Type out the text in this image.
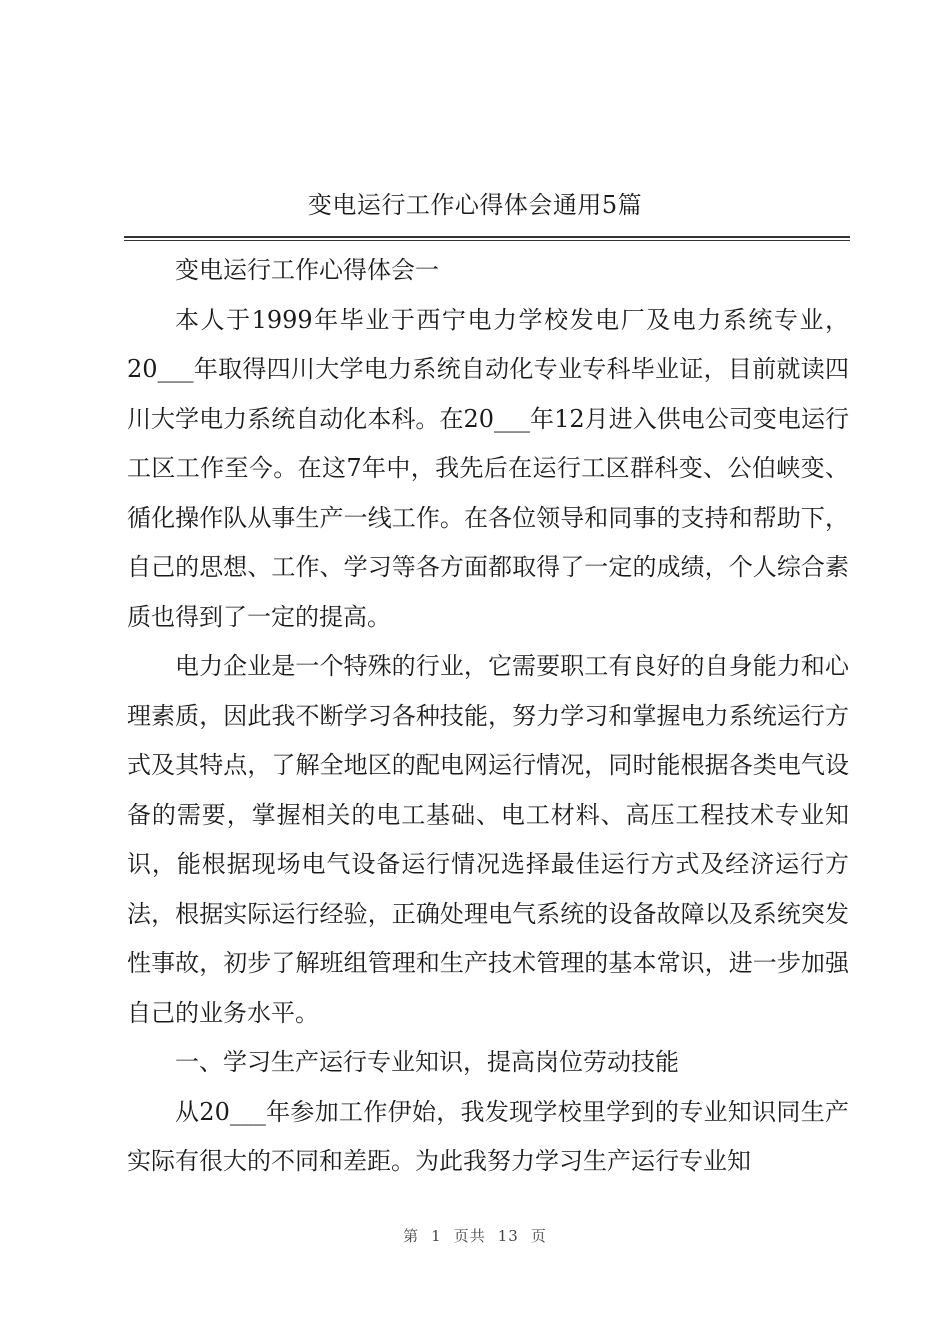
变电运行工作心得体会通用5篇

变电运行工作心得体会一

本人于1999年毕业于西宁电力学校发电厂及电力系统专业，20___年取得四川大学电力系统自动化专业专科毕业证，目前就读四川大学电力系统自动化本科。在20___年12月进入供电公司变电运行工区工作至今。在这7年中，我先后在运行工区群科变、公伯峡变、循化操作队从事生产一线工作。在各位领导和同事的支持和帮助下，自己的思想、工作、学习等各方面都取得了一定的成绩，个人综合素质也得到了一定的提高。

电力企业是一个特殊的行业，它需要职工有良好的自身能力和心理素质，因此我不断学习各种技能，努力学习和掌握电力系统运行方式及其特点，了解全地区的配电网运行情况，同时能根据各类电气设备的需要，掌握相关的电工基础、电工材料、高压工程技术专业知识，能根据现场电气设备运行情况选择最佳运行方式及经济运行方法，根据实际运行经验，正确处理电气系统的设备故障以及系统突发性事故，初步了解班组管理和生产技术管理的基本常识，进一步加强自己的业务水平。

一、学习生产运行专业知识，提高岗位劳动技能

从20___年参加工作伊始，我发现学校里学到的专业知识同生产实际有很大的不同和差距。为此我努力学习生产运行专业知

第 1 页共 13 页
